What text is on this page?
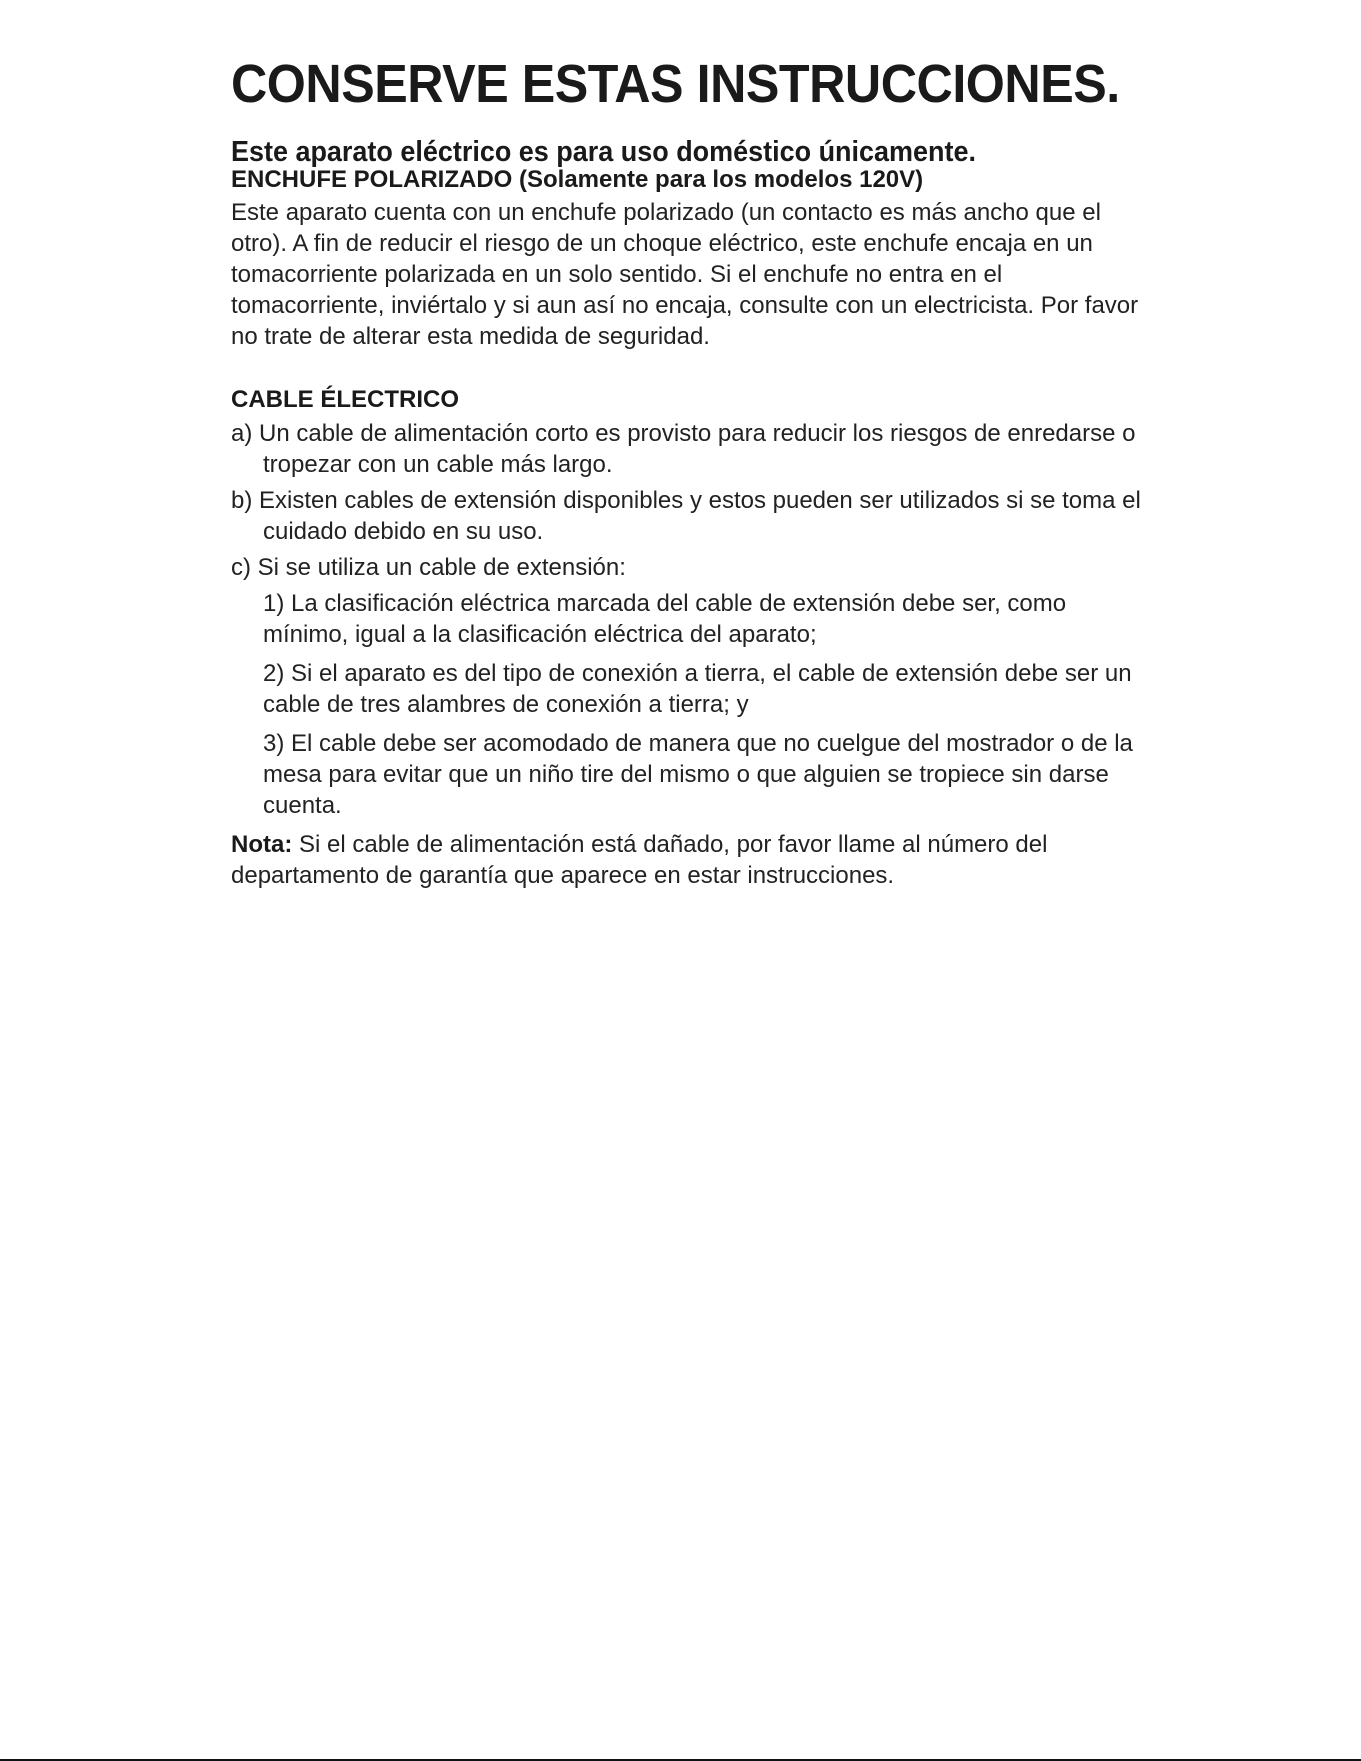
CONSERVE ESTAS INSTRUCCIONES.
Este aparato eléctrico es para uso doméstico únicamente.
ENCHUFE POLARIZADO (Solamente para los modelos 120V)

Este aparato cuenta con un enchufe polarizado (un contacto es más ancho que el otro). A fin de reducir el riesgo de un choque eléctrico, este enchufe encaja en un tomacorriente polarizada en un solo sentido. Si el enchufe no entra en el tomacorriente, inviértalo y si aun así no encaja, consulte con un electricista. Por favor no trate de alterar esta medida de seguridad.

CABLE ÉLECTRICO
a) Un cable de alimentación corto es provisto para reducir los riesgos de enredarse o tropezar con un cable más largo.
b) Existen cables de extensión disponibles y estos pueden ser utilizados si se toma el cuidado debido en su uso.
c) Si se utiliza un cable de extensión:
1) La clasificación eléctrica marcada del cable de extensión debe ser, como mínimo, igual a la clasificación eléctrica del aparato;
2) Si el aparato es del tipo de conexión a tierra, el cable de extensión debe ser un cable de tres alambres de conexión a tierra; y
3) El cable debe ser acomodado de manera que no cuelgue del mostrador o de la mesa para evitar que un niño tire del mismo o que alguien se tropiece sin darse cuenta.

Nota: Si el cable de alimentación está dañado, por favor llame al número del departamento de garantía que aparece en estar instrucciones.
